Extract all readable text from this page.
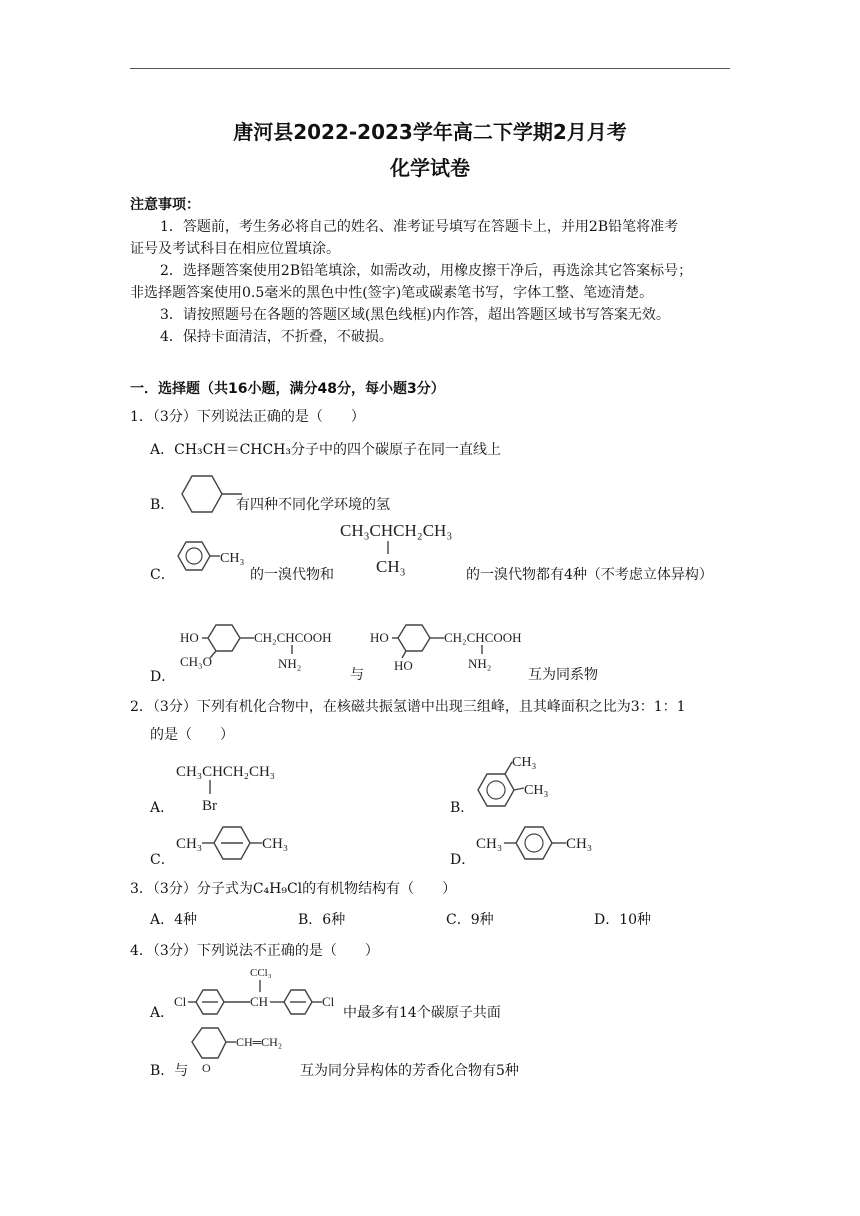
唐河县2022-2023学年高二下学期2月月考
化学试卷
注意事项：
1．答题前，考生务必将自己的姓名、准考证号填写在答题卡上，并用2B铅笔将准考
证号及考试科目在相应位置填涂。
2．选择题答案使用2B铅笔填涂，如需改动，用橡皮擦干净后，再选涂其它答案标号；
非选择题答案使用0.5毫米的黑色中性(签字)笔或碳素笔书写，字体工整、笔迹清楚。
3．请按照题号在各题的答题区域(黑色线框)内作答，超出答题区域书写答案无效。
4．保持卡面清洁，不折叠，不破损。
一．选择题（共16小题，满分48分，每小题3分）
1．（3分）下列说法正确的是（　　）
A．CH₃CH＝CHCH₃分子中的四个碳原子在同一直线上
B．	有四种不同化学环境的氢
C．
CH₃
的一溴代物和
CH₃CHCH₂CH₃
CH₃	的一溴代物都有4种（不考虑立体异构）
D．
HO
CH₃O
CH₂CHCOOH
NH₂
与
HO
HO
CH₂CHCOOH
NH₂
互为同系物
2．（3分）下列有机化合物中，在核磁共振氢谱中出现三组峰，且其峰面积之比为3：1：1
的是（　　）
A．
CH₃CHCH₂CH₃
Br	B．
CH₃
CH₃
C．
CH₃	CH₃
D．
CH₃	CH₃
3．（3分）分子式为C₄H₉Cl的有机物结构有（　　）
A．4种	B．6种	C．9种	D．10种
4．（3分）下列说法不正确的是（　　）
A．
CCl₃
Cl	CH	Cl
中最多有14个碳原子共面
B．与
CH═CH₂
O	互为同分异构体的芳香化合物有5种
